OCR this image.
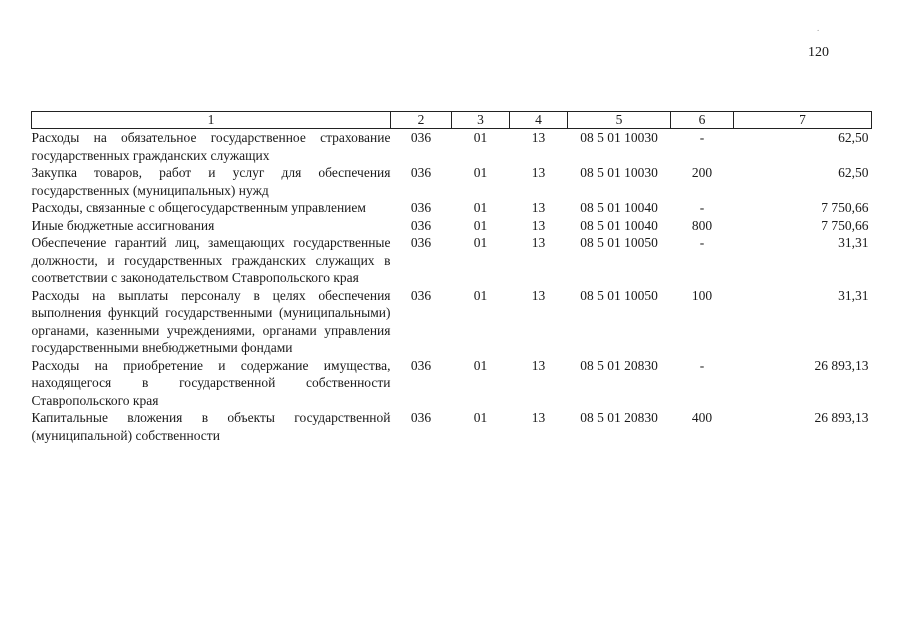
.
120
1	2	3	4	5	6	7
Расходы на обязательное государственное страхование государственных гражданских служащих	036	01	13	08 5 01 10030	-	62,50
Закупка товаров, работ и услуг для обеспечения государственных (муниципальных) нужд	036	01	13	08 5 01 10030	200	62,50
Расходы, связанные с общегосударственным управлением	036	01	13	08 5 01 10040	-	7 750,66
Иные бюджетные ассигнования	036	01	13	08 5 01 10040	800	7 750,66
Обеспечение гарантий лиц, замещающих государственные должности, и государственных гражданских служащих в соответствии с законодательством Ставропольского края	036	01	13	08 5 01 10050	-	31,31
Расходы на выплаты персоналу в целях обеспечения выполнения функций государственными (муниципальными) органами, казенными учреждениями, органами управления государственными внебюджетными фондами	036	01	13	08 5 01 10050	100	31,31
Расходы на приобретение и содержание имущества, находящегося в государственной собственности Ставропольского края	036	01	13	08 5 01 20830	-	26 893,13
Капитальные вложения в объекты государственной (муниципальной) собственности	036	01	13	08 5 01 20830	400	26 893,13
